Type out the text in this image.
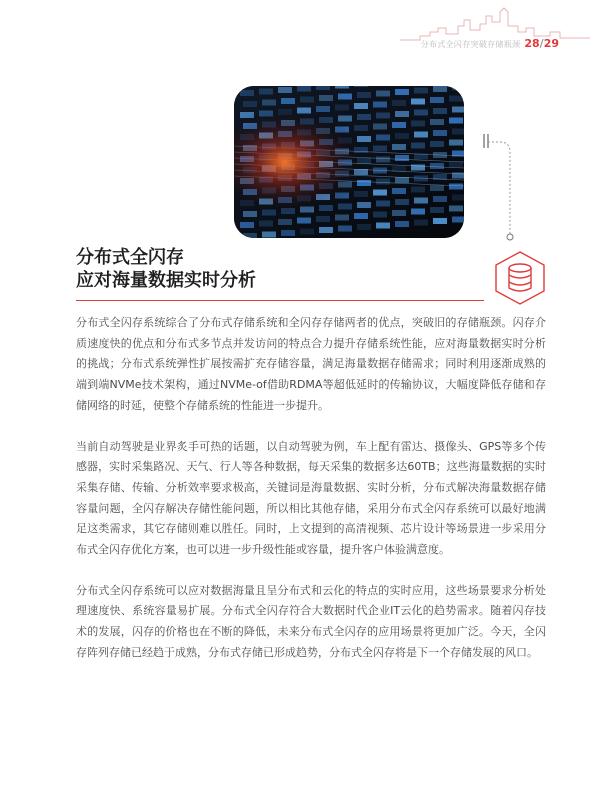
分布式全闪存突破存储瓶颈 28/29
分布式全闪存
应对海量数据实时分析

分布式全闪存系统综合了分布式存储系统和全闪存存储两者的优点，突破旧的存储瓶颈。闪存介质速度快的优点和分布式多节点并发访问的特点合力提升存储系统性能，应对海量数据实时分析的挑战；分布式系统弹性扩展按需扩充存储容量，满足海量数据存储需求；同时利用逐渐成熟的端到端NVMe技术架构，通过NVMe-of借助RDMA等超低延时的传输协议，大幅度降低存储和存储网络的时延，使整个存储系统的性能进一步提升。

当前自动驾驶是业界炙手可热的话题，以自动驾驶为例，车上配有雷达、摄像头、GPS等多个传感器，实时采集路况、天气、行人等各种数据，每天采集的数据多达60TB；这些海量数据的实时采集存储、传输、分析效率要求极高，关键词是海量数据、实时分析，分布式解决海量数据存储容量问题，全闪存解决存储性能问题，所以相比其他存储，采用分布式全闪存系统可以最好地满足这类需求，其它存储则难以胜任。同时，上文提到的高清视频、芯片设计等场景进一步采用分布式全闪存优化方案，也可以进一步升级性能或容量，提升客户体验满意度。

分布式全闪存系统可以应对数据海量且呈分布式和云化的特点的实时应用，这些场景要求分析处理速度快、系统容量易扩展。分布式全闪存符合大数据时代企业IT云化的趋势需求。随着闪存技术的发展，闪存的价格也在不断的降低，未来分布式全闪存的应用场景将更加广泛。今天，全闪存阵列存储已经趋于成熟，分布式存储已形成趋势，分布式全闪存将是下一个存储发展的风口。
